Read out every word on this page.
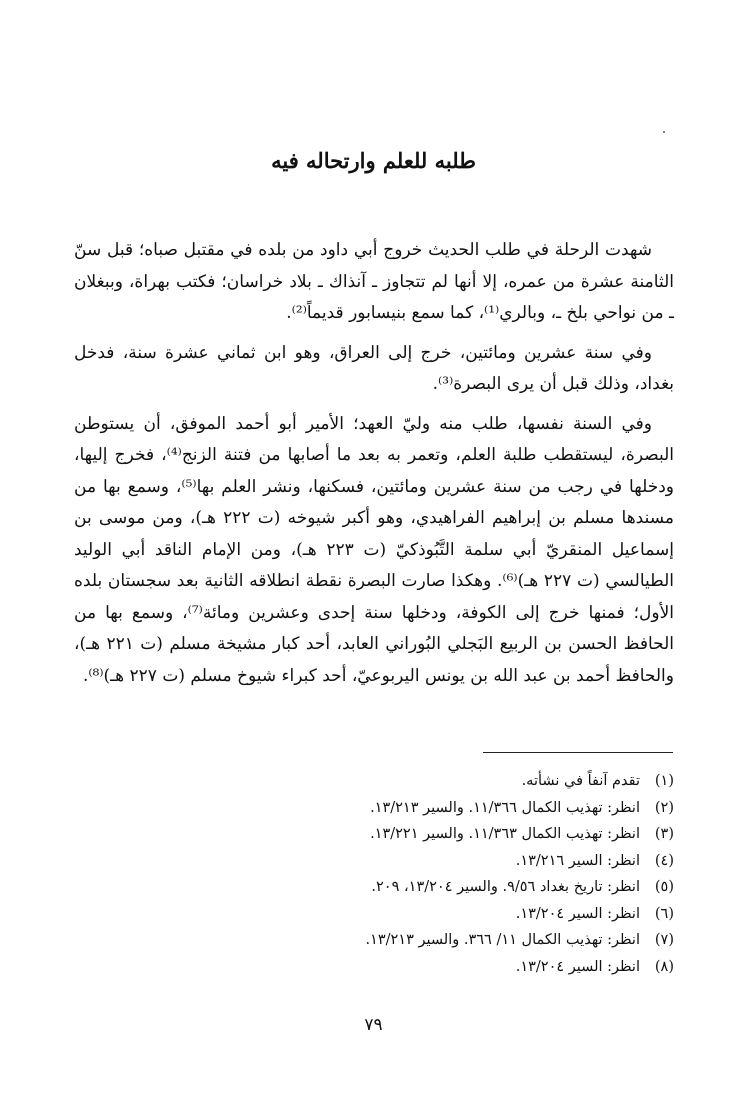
طلبه للعلم وارتحاله فيه

شهدت الرحلة في طلب الحديث خروج أبي داود من بلده في مقتبل صباه؛ قبل سنّ الثامنة عشرة من عمره، إلا أنها لم تتجاوز ـ آنذاك ـ بلاد خراسان؛ فكتب بهراة، وببغلان ـ من نواحي بلخ ـ، وبالري⁽¹⁾، كما سمع بنيسابور قديماً⁽²⁾.

وفي سنة عشرين ومائتين، خرج إلى العراق، وهو ابن ثماني عشرة سنة، فدخل بغداد، وذلك قبل أن يرى البصرة⁽³⁾.

وفي السنة نفسها، طلب منه وليّ العهد؛ الأمير أبو أحمد الموفق، أن يستوطن البصرة، ليستقطب طلبة العلم، وتعمر به بعد ما أصابها من فتنة الزنج⁽⁴⁾، فخرج إليها، ودخلها في رجب من سنة عشرين ومائتين، فسكنها، ونشر العلم بها⁽⁵⁾، وسمع بها من مسندها مسلم بن إبراهيم الفراهيدي، وهو أكبر شيوخه (ت ٢٢٢ هـ)، ومن موسى بن إسماعيل المنقريّ أبي سلمة التَّبُوذكيّ (ت ٢٢٣ هـ)، ومن الإمام الناقد أبي الوليد الطيالسي (ت ٢٢٧ هـ)⁽⁶⁾. وهكذا صارت البصرة نقطة انطلاقه الثانية بعد سجستان بلده الأول؛ فمنها خرج إلى الكوفة، ودخلها سنة إحدى وعشرين ومائة⁽⁷⁾، وسمع بها من الحافظ الحسن بن الربيع البَجلي البُوراني العابد، أحد كبار مشيخة مسلم (ت ٢٢١ هـ)، والحافظ أحمد بن عبد الله بن يونس اليربوعيّ، أحد كبراء شيوخ مسلم (ت ٢٢٧ هـ)⁽⁸⁾.

(١)
تقدم آنفاً في نشأته.
(٢)
انظر: تهذيب الكمال ١١/٣٦٦. والسير ١٣/٢١٣.
(٣)
انظر: تهذيب الكمال ١١/٣٦٣. والسير ١٣/٢٢١.
(٤)
انظر: السير ١٣/٢١٦.
(٥)
انظر: تاريخ بغداد ٩/٥٦. والسير ١٣/٢٠٤، ٢٠٩.
(٦)
انظر: السير ١٣/٢٠٤.
(٧)
انظر: تهذيب الكمال ١١/ ٣٦٦. والسير ١٣/٢١٣.
(٨)
انظر: السير ١٣/٢٠٤.
٧٩
